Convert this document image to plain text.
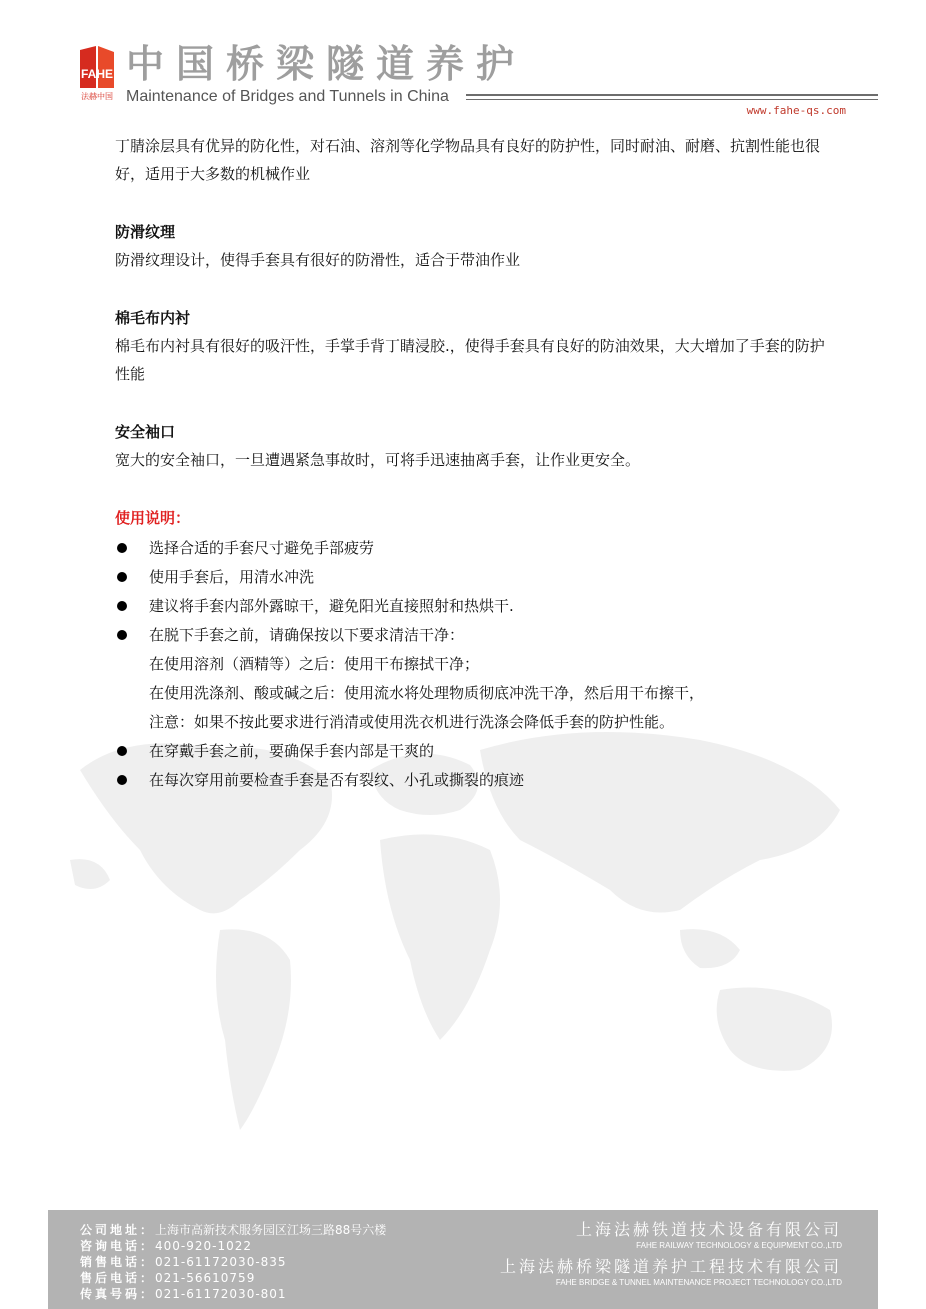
FAHE
法赫中国
中国桥梁隧道养护
Maintenance of Bridges and Tunnels in China
www.fahe-qs.com

丁腈涂层具有优异的防化性，对石油、溶剂等化学物品具有良好的防护性，同时耐油、耐磨、抗割性能也很好，适用于大多数的机械作业

防滑纹理

防滑纹理设计，使得手套具有很好的防滑性，适合于带油作业

棉毛布内衬

棉毛布内衬具有很好的吸汗性，手掌手背丁睛浸胶.，使得手套具有良好的防油效果，大大增加了手套的防护性能

安全袖口

宽大的安全袖口，一旦遭遇紧急事故时，可将手迅速抽离手套，让作业更安全。

使用说明：

选择合适的手套尺寸避免手部疲劳
使用手套后，用清水冲洗
建议将手套内部外露晾干，避免阳光直接照射和热烘干.
在脱下手套之前，请确保按以下要求清洁干净：
在使用溶剂（酒精等）之后：使用干布擦拭干净；
在使用洗涤剂、酸或碱之后：使用流水将处理物质彻底冲洗干净，然后用干布擦干，
注意：如果不按此要求进行消清或使用洗衣机进行洗涤会降低手套的防护性能。
在穿戴手套之前，要确保手套内部是干爽的
在每次穿用前要检查手套是否有裂纹、小孔或撕裂的痕迹
公司地址：上海市高新技术服务园区江场三路88号六楼
咨询电话：400-920-1022
销售电话：021-61172030-835
售后电话：021-56610759
传真号码：021-61172030-801
上海法赫铁道技术设备有限公司
FAHE RAILWAY TECHNOLOGY & EQUIPMENT CO.,LTD
上海法赫桥梁隧道养护工程技术有限公司
FAHE BRIDGE & TUNNEL MAINTENANCE PROJECT TECHNOLOGY CO.,LTD
